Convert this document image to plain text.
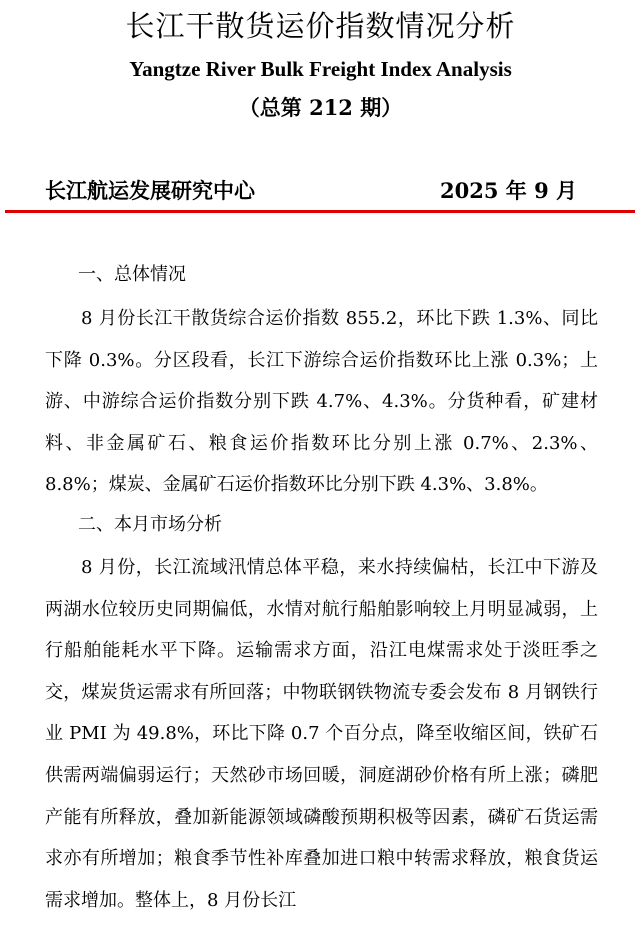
长江干散货运价指数情况分析
Yangtze River Bulk Freight Index Analysis
（总第 212 期）
长江航运发展研究中心	2025 年 9 月
一、总体情况

8 月份长江干散货综合运价指数 855.2，环比下跌 1.3%、同比下降 0.3%。分区段看，长江下游综合运价指数环比上涨 0.3%；上游、中游综合运价指数分别下跌 4.7%、4.3%。分货种看，矿建材料、非金属矿石、粮食运价指数环比分别上涨 0.7%、2.3%、8.8%；煤炭、金属矿石运价指数环比分别下跌 4.3%、3.8%。

二、本月市场分析

8 月份，长江流域汛情总体平稳，来水持续偏枯，长江中下游及两湖水位较历史同期偏低，水情对航行船舶影响较上月明显减弱，上行船舶能耗水平下降。运输需求方面，沿江电煤需求处于淡旺季之交，煤炭货运需求有所回落；中物联钢铁物流专委会发布 8 月钢铁行业 PMI 为 49.8%，环比下降 0.7 个百分点，降至收缩区间，铁矿石供需两端偏弱运行；天然砂市场回暖，洞庭湖砂价格有所上涨；磷肥产能有所释放，叠加新能源领域磷酸预期积极等因素，磷矿石货运需求亦有所增加；粮食季节性补库叠加进口粮中转需求释放，粮食货运需求增加。整体上，8 月份长江
